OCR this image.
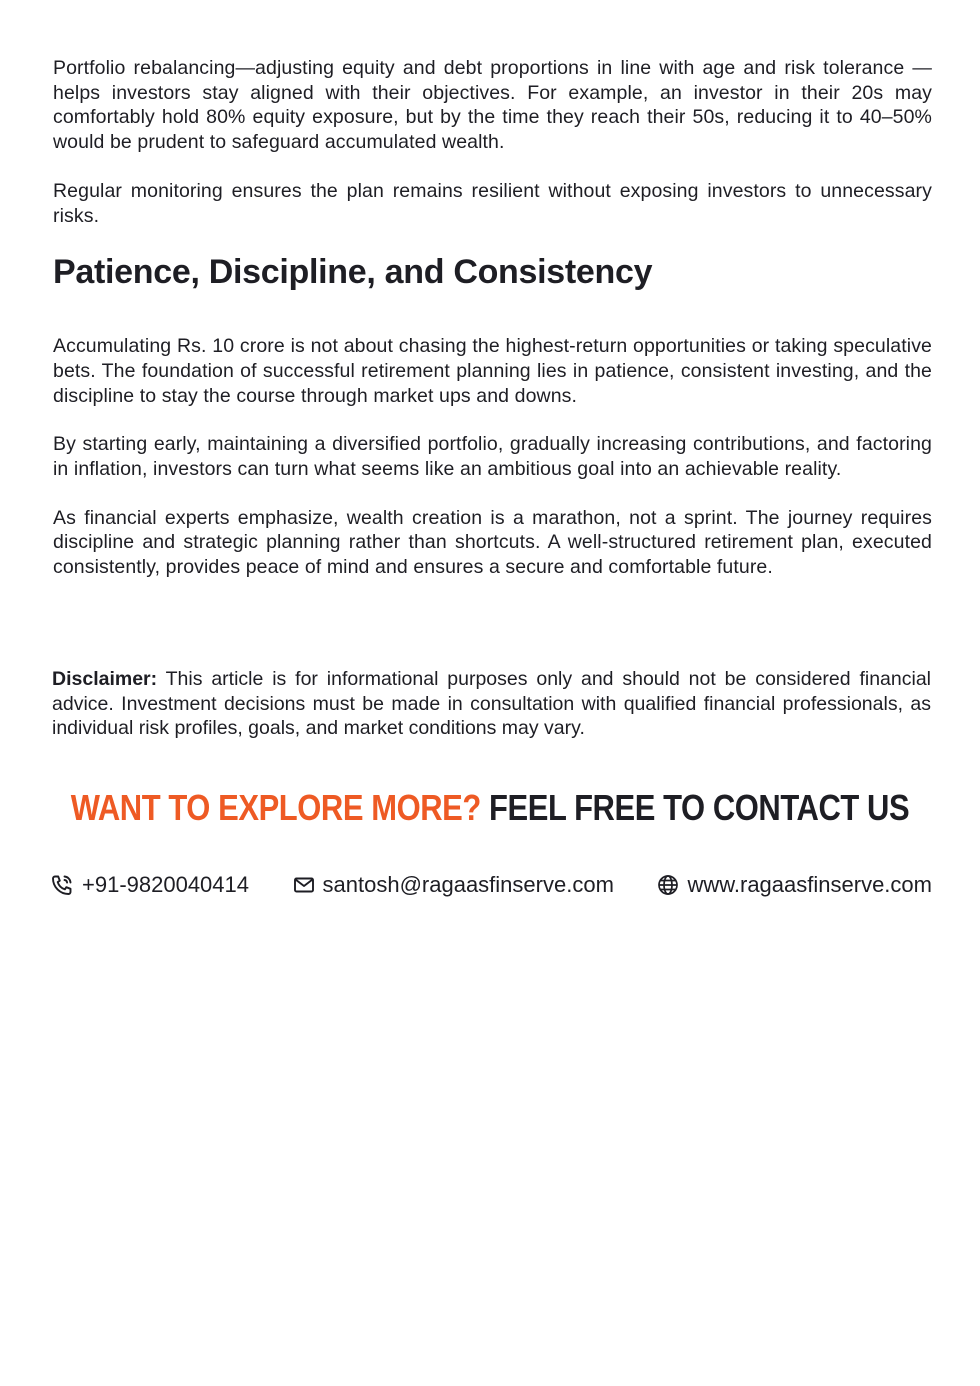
Portfolio rebalancing—adjusting equity and debt proportions in line with age and risk tolerance —helps investors stay aligned with their objectives. For example, an investor in their 20s may comfortably hold 80% equity exposure, but by the time they reach their 50s, reducing it to 40–50% would be prudent to safeguard accumulated wealth.

Regular monitoring ensures the plan remains resilient without exposing investors to unnecessary risks.

Patience, Discipline, and Consistency

Accumulating Rs. 10 crore is not about chasing the highest-return opportunities or taking speculative bets. The foundation of successful retirement planning lies in patience, consistent investing, and the discipline to stay the course through market ups and downs.

By starting early, maintaining a diversified portfolio, gradually increasing contributions, and factoring in inflation, investors can turn what seems like an ambitious goal into an achievable reality.

As financial experts emphasize, wealth creation is a marathon, not a sprint. The journey requires discipline and strategic planning rather than shortcuts. A well-structured retirement plan, executed consistently, provides peace of mind and ensures a secure and comfortable future.

Disclaimer: This article is for informational purposes only and should not be considered financial advice. Investment decisions must be made in consultation with qualified financial professionals, as individual risk profiles, goals, and market conditions may vary.

WANT TO EXPLORE MORE? FEEL FREE TO CONTACT US
+91-9820040414	santosh@ragaasfinserve.com	www.ragaasfinserve.com
